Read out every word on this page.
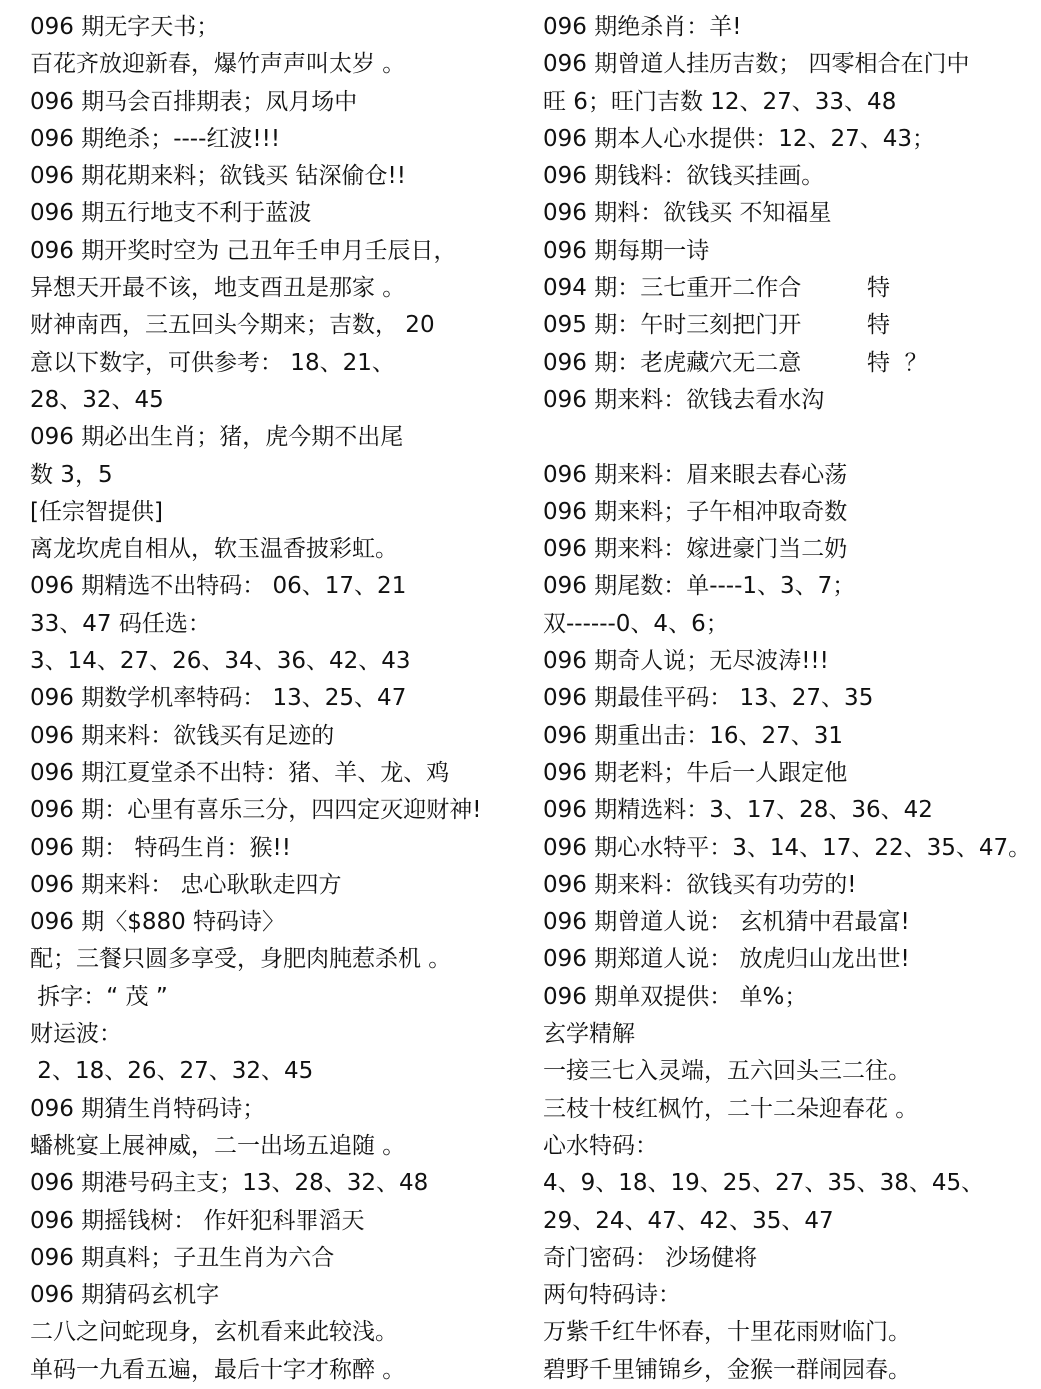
096 期无字天书；
百花齐放迎新春，爆竹声声叫太岁 。
096 期马会百排期表；凤月场中
096 期绝杀；----红波!!!
096 期花期来料；欲钱买 钻深偷仓!!
096 期五行地支不利于蓝波
096 期开奖时空为 己丑年壬申月壬辰日，
异想天开最不该，地支酉丑是那家 。
财神南西，三五回头今期来；吉数， 20
意以下数字，可供参考： 18、21、
28、32、45
096 期必出生肖；猪，虎今期不出尾
数 3，5
[任宗智提供]
离龙坎虎自相从，软玉温香披彩虹。
096 期精选不出特码： 06、17、21
33、47 码任选：
3、14、27、26、34、36、42、43
096 期数学机率特码： 13、25、47
096 期来料：欲钱买有足迹的
096 期江夏堂杀不出特：猪、羊、龙、鸡
096 期：心里有喜乐三分，四四定灭迎财神!
096 期： 特码生肖：猴!!
096 期来料： 忠心耿耿走四方
096 期〈$880 特码诗〉
配；三餐只圆多享受，身肥肉肫惹杀机 。
拆字：“ 茂 ”
财运波：
2、18、26、27、32、45
096 期猜生肖特码诗；
蟠桃宴上展神威，二一出场五追随 。
096 期港号码主支；13、28、32、48
096 期摇钱树： 作奸犯科罪滔天
096 期真料；子丑生肖为六合
096 期猜码玄机字
二八之问蛇现身，玄机看来此较浅。
单码一九看五遍，最后十字才称醉 。
096 期绝杀肖：羊!
096 期曾道人挂历吉数； 四零相合在门中
旺 6；旺门吉数 12、27、33、48
096 期本人心水提供：12、27、43；
096 期钱料：欲钱买挂画。
096 期料：欲钱买 不知福星
096 期每期一诗
094 期：三七重开二作合         特
095 期：午时三刻把门开         特
096 期：老虎藏穴无二意         特  ？
096 期来料：欲钱去看水沟
096 期来料：眉来眼去春心荡
096 期来料；子午相冲取奇数
096 期来料：嫁进豪门当二奶
096 期尾数：单----1、3、7；
双------0、4、6；
096 期奇人说；无尽波涛!!!
096 期最佳平码： 13、27、35
096 期重出击：16、27、31
096 期老料；牛后一人跟定他
096 期精选料：3、17、28、36、42
096 期心水特平：3、14、17、22、35、47。
096 期来料：欲钱买有功劳的!
096 期曾道人说： 玄机猜中君最富!
096 期郑道人说： 放虎归山龙出世!
096 期单双提供： 单%；
玄学精解
一接三七入灵端，五六回头三二往。
三枝十枝红枫竹，二十二朵迎春花 。
心水特码：
4、9、18、19、25、27、35、38、45、
29、24、47、42、35、47
奇门密码： 沙场健将
两句特码诗：
万紫千红牛怀春，十里花雨财临门。
碧野千里铺锦乡，金猴一群闹园春。
